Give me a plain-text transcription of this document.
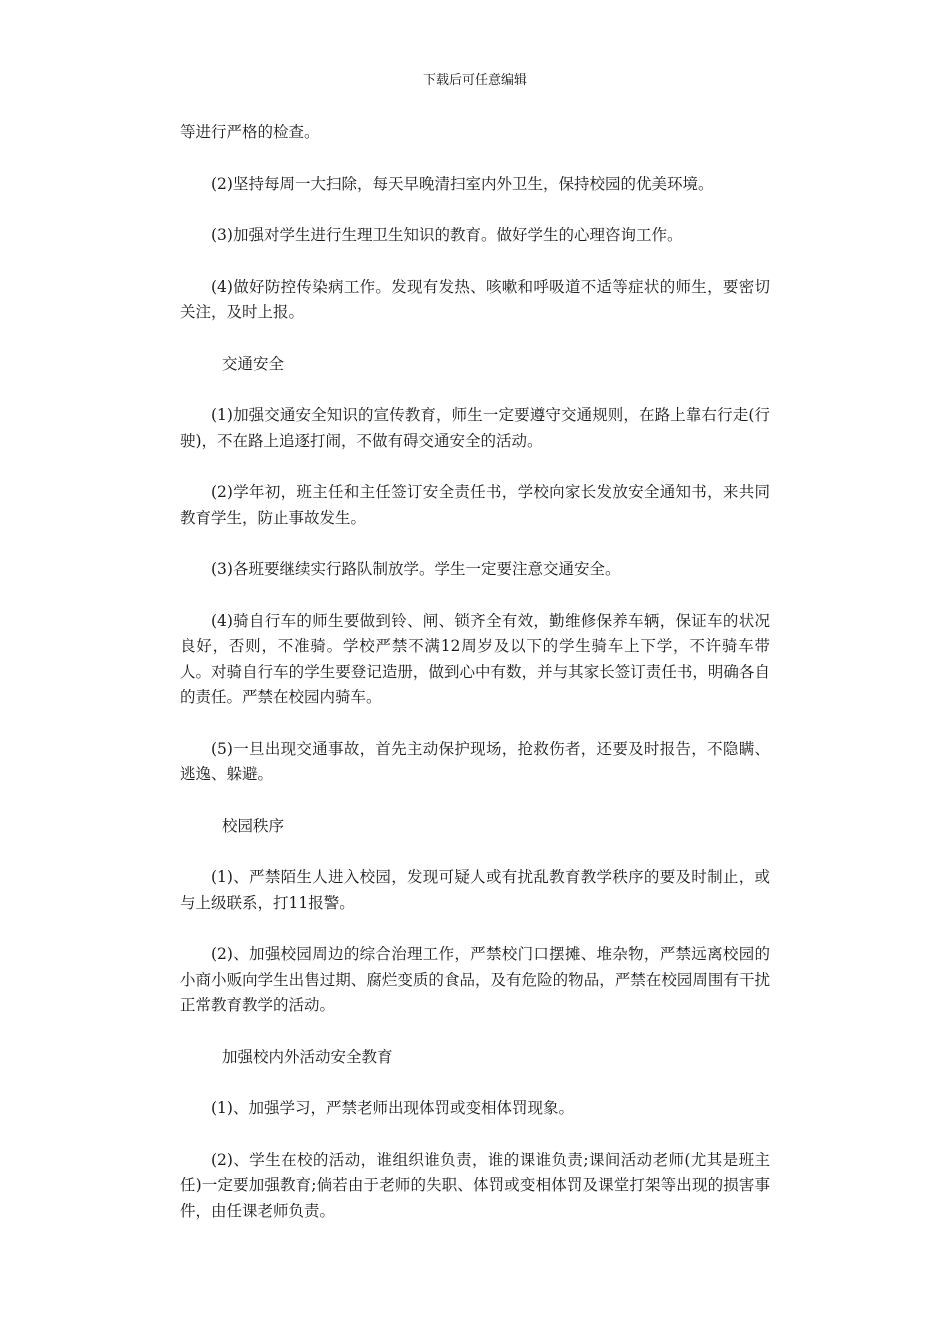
下载后可任意编辑

等进行严格的检查。

(2)坚持每周一大扫除，每天早晚清扫室内外卫生，保持校园的优美环境。

(3)加强对学生进行生理卫生知识的教育。做好学生的心理咨询工作。

(4)做好防控传染病工作。发现有发热、咳嗽和呼吸道不适等症状的师生，要密切关注，及时上报。

交通安全

(1)加强交通安全知识的宣传教育，师生一定要遵守交通规则，在路上靠右行走(行驶)，不在路上追逐打闹，不做有碍交通安全的活动。

(2)学年初，班主任和主任签订安全责任书，学校向家长发放安全通知书，来共同教育学生，防止事故发生。

(3)各班要继续实行路队制放学。学生一定要注意交通安全。

(4)骑自行车的师生要做到铃、闸、锁齐全有效，勤维修保养车辆，保证车的状况良好，否则，不准骑。学校严禁不满12周岁及以下的学生骑车上下学，不许骑车带人。对骑自行车的学生要登记造册，做到心中有数，并与其家长签订责任书，明确各自的责任。严禁在校园内骑车。

(5)一旦出现交通事故，首先主动保护现场，抢救伤者，还要及时报告，不隐瞒、逃逸、躲避。

校园秩序

(1)、严禁陌生人进入校园，发现可疑人或有扰乱教育教学秩序的要及时制止，或与上级联系，打11报警。

(2)、加强校园周边的综合治理工作，严禁校门口摆摊、堆杂物，严禁远离校园的小商小贩向学生出售过期、腐烂变质的食品，及有危险的物品，严禁在校园周围有干扰正常教育教学的活动。

加强校内外活动安全教育

(1)、加强学习，严禁老师出现体罚或变相体罚现象。

(2)、学生在校的活动，谁组织谁负责，谁的课谁负责;课间活动老师(尤其是班主任)一定要加强教育;倘若由于老师的失职、体罚或变相体罚及课堂打架等出现的损害事件，由任课老师负责。
